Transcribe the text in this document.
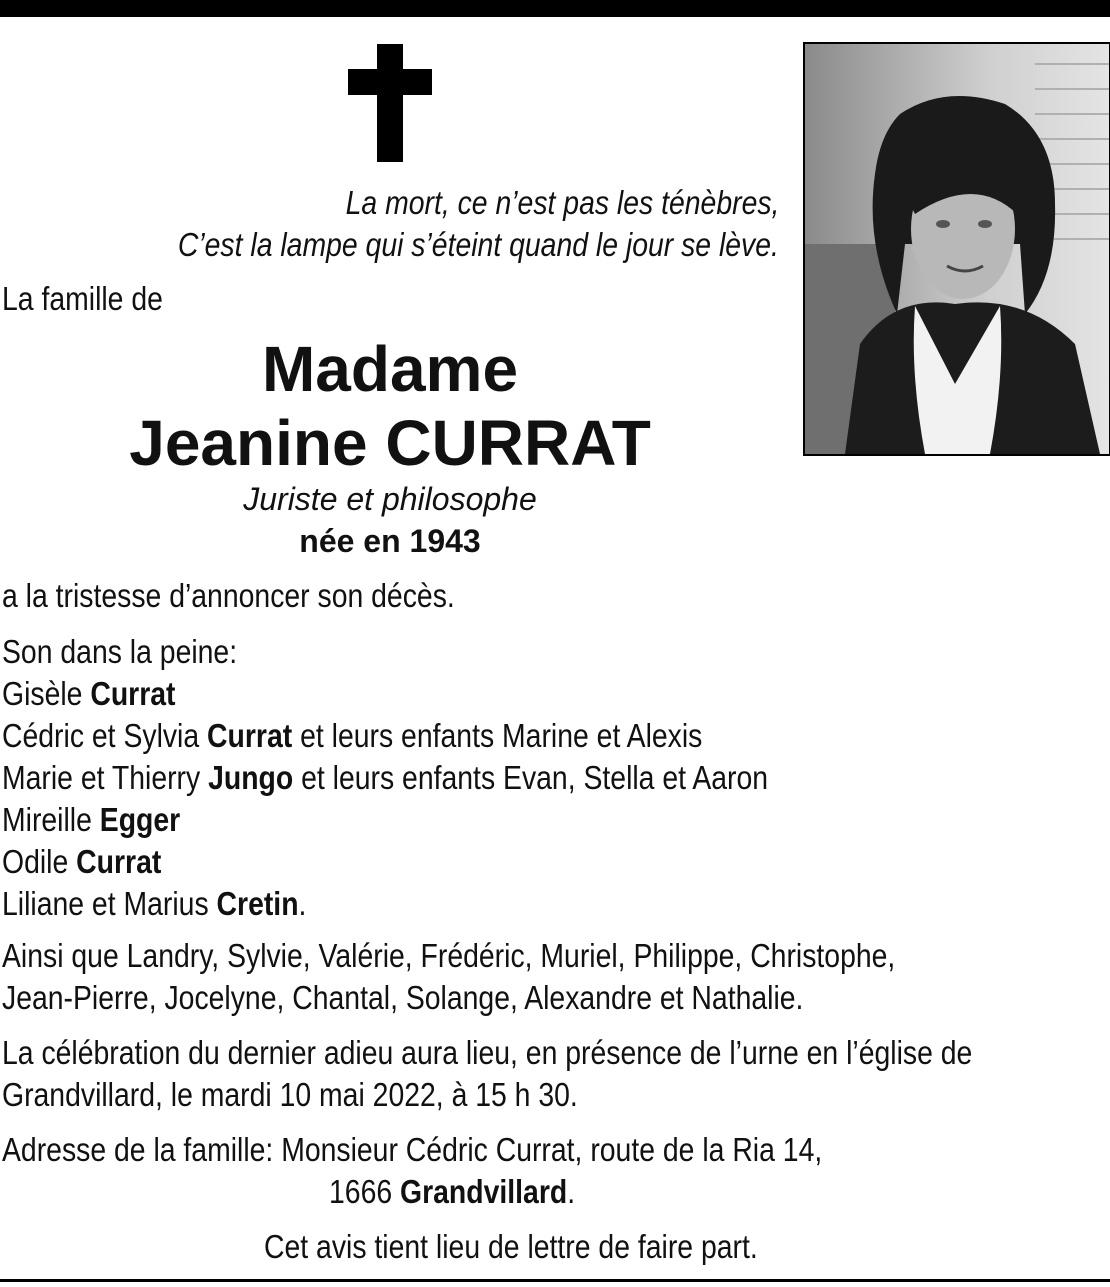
La mort, ce n’est pas les ténèbres,

C’est la lampe qui s’éteint quand le jour se lève.

La famille de

Madame

Jeanine CURRAT

Juriste et philosophe

née en 1943

a la tristesse d’annoncer son décès.

Son dans la peine:

Gisèle Currat

Cédric et Sylvia Currat et leurs enfants Marine et Alexis

Marie et Thierry Jungo et leurs enfants Evan, Stella et Aaron

Mireille Egger

Odile Currat

Liliane et Marius Cretin.

Ainsi que Landry, Sylvie, Valérie, Frédéric, Muriel, Philippe, Christophe,

Jean-Pierre, Jocelyne, Chantal, Solange, Alexandre et Nathalie.

La célébration du dernier adieu aura lieu, en présence de l’urne en l’église de

Grandvillard, le mardi 10 mai 2022, à 15 h 30.

Adresse de la famille: Monsieur Cédric Currat, route de la Ria 14,

1666 Grandvillard.

Cet avis tient lieu de lettre de faire part.
